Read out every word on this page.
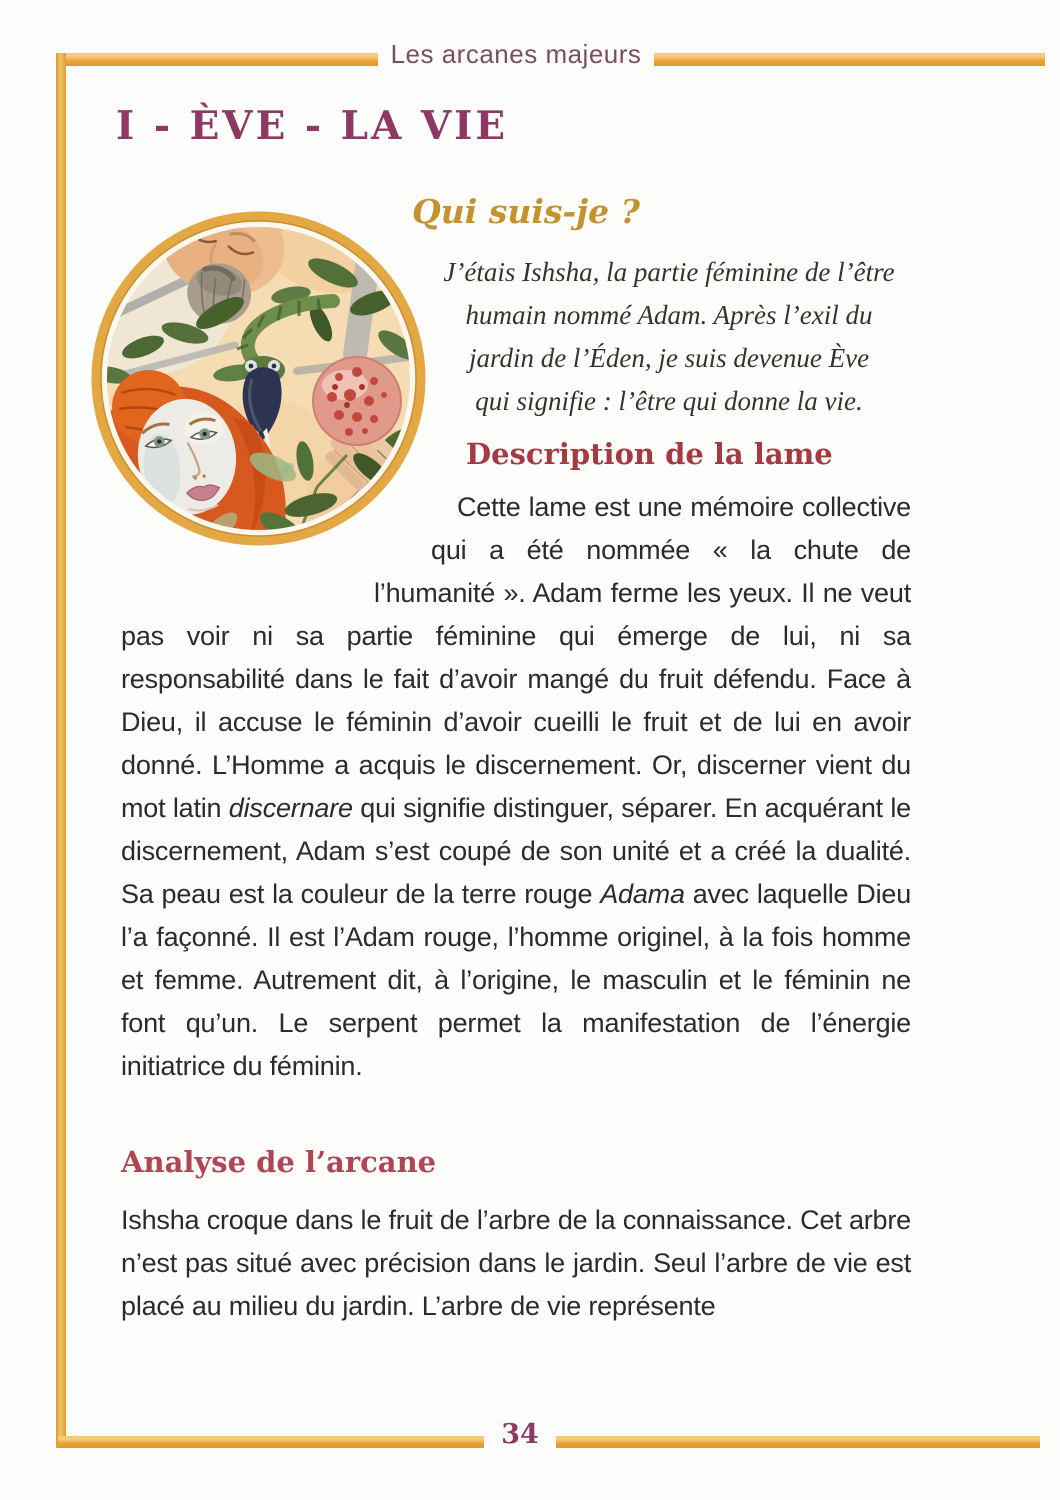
Les arcanes majeurs
I - ÈVE - LA VIE
Qui suis-je ?
J’étais Ishsha, la partie féminine de l’être
humain nommé Adam. Après l’exil du
jardin de l’Éden, je suis devenue Ève
qui signifie : l’être qui donne la vie.
Description de la lame
Cette lame est une mémoire collective qui a été nommée « la chute de l’humanité ». Adam ferme les yeux. Il ne veut pas voir ni sa partie féminine qui émerge de lui, ni sa responsabilité dans le fait d’avoir mangé du fruit défendu. Face à Dieu, il accuse le féminin d’avoir cueilli le fruit et de lui en avoir donné. L’Homme a acquis le discernement. Or, discerner vient du mot latin discernare qui signifie distinguer, séparer. En acquérant le discernement, Adam s’est coupé de son unité et a créé la dualité. Sa peau est la couleur de la terre rouge Adama avec laquelle Dieu l’a façonné. Il est l’Adam rouge, l’homme originel, à la fois homme et femme. Autrement dit, à l’origine, le masculin et le féminin ne font qu’un. Le serpent permet la manifestation de l’énergie initiatrice du féminin.
Analyse de l’arcane
Ishsha croque dans le fruit de l’arbre de la connaissance. Cet arbre n’est pas situé avec précision dans le jardin. Seul l’arbre de vie est placé au milieu du jardin. L’arbre de vie représente
34
